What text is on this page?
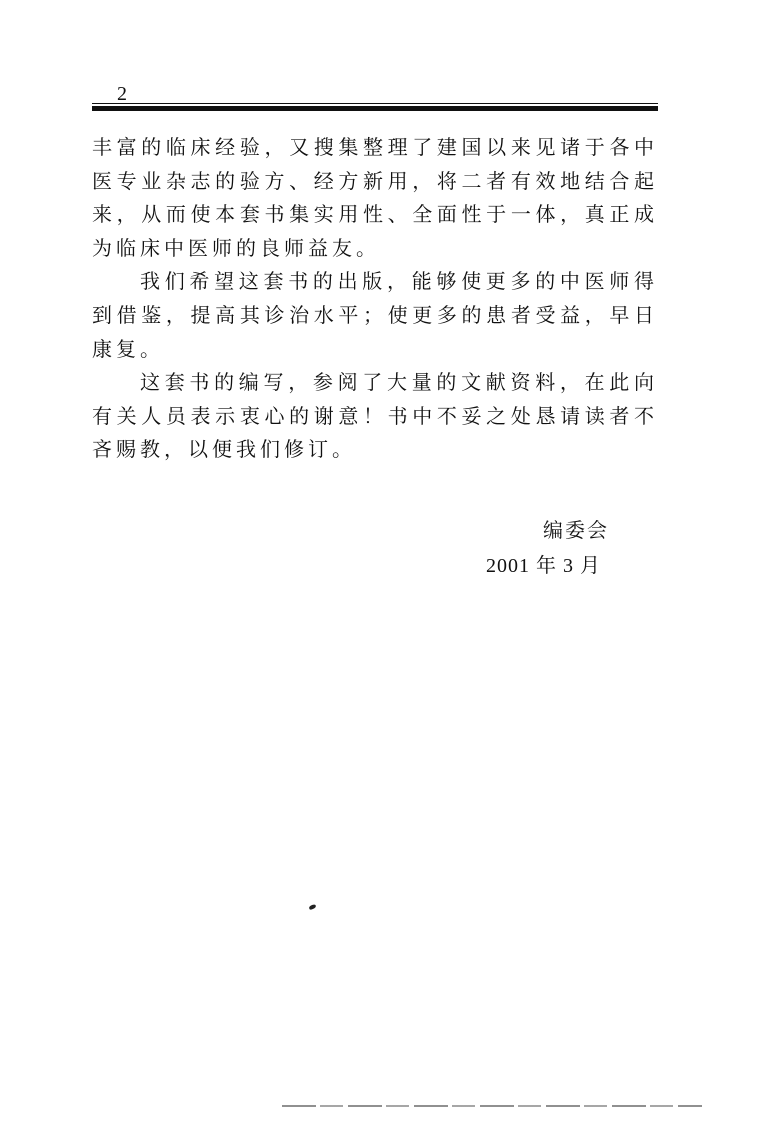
2

丰富的临床经验，又搜集整理了建国以来见诸于各中医专业杂志的验方、经方新用，将二者有效地结合起来，从而使本套书集实用性、全面性于一体，真正成为临床中医师的良师益友。

我们希望这套书的出版，能够使更多的中医师得到借鉴，提高其诊治水平；使更多的患者受益，早日康复。

这套书的编写，参阅了大量的文献资料，在此向有关人员表示衷心的谢意！书中不妥之处恳请读者不吝赐教，以便我们修订。

编委会
2001 年 3 月
